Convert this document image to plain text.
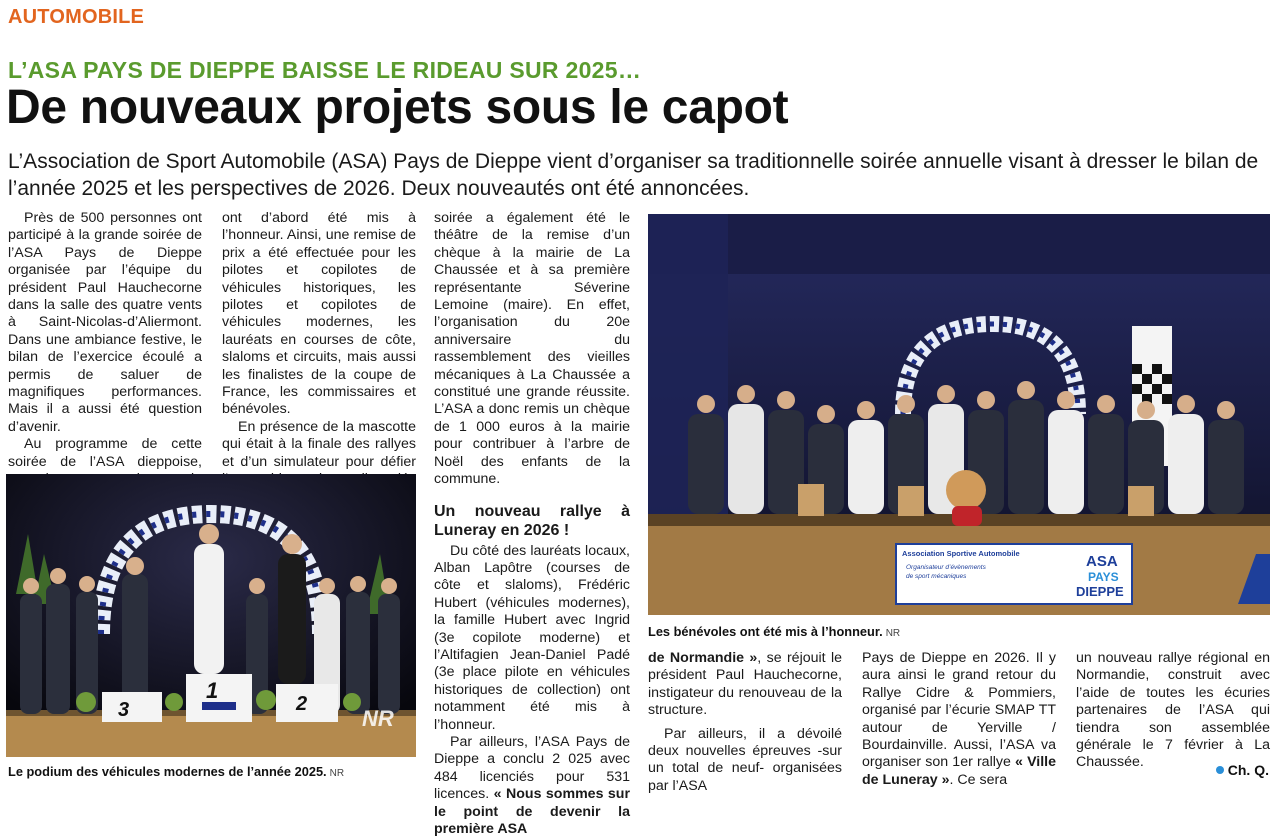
AUTOMOBILE
L’ASA PAYS DE DIEPPE BAISSE LE RIDEAU SUR 2025…
De nouveaux projets sous le capot
L’Association de Sport Automobile (ASA) Pays de Dieppe vient d’organiser sa traditionnelle soirée annuelle visant à dresser le bilan de l’année 2025 et les perspectives de 2026. Deux nouveautés ont été annoncées.

Près de 500 personnes ont participé à la grande soirée de l’ASA Pays de Dieppe organisée par l’équipe du président Paul Hauchecorne dans la salle des quatre vents à Saint-Nicolas-d’Aliermont. Dans une ambiance festive, le bilan de l’exercice écoulé a permis de saluer de magnifiques performances. Mais il a aussi été question d’avenir.

Au programme de cette soirée de l’ASA dieppoise,

ont d’abord été mis à l’honneur. Ainsi, une remise de prix a été effectuée pour les pilotes et copilotes de véhicules historiques, les pilotes et copilotes de véhicules modernes, les lauréats en courses de côte, slaloms et circuits, mais aussi les finalistes de la coupe de France, les commissaires et bénévoles.

En présence de la mascotte qui était à la finale des rallyes et d’un simulateur pour défier

soirée a également été le théâtre de la remise d’un chèque à la mairie de La Chaussée et à sa première représentante Séverine Lemoine (maire). En effet, l’organisation du 20e anniversaire du rassemblement des vieilles mécaniques à La Chaussée a constitué une grande réussite. L’ASA a donc remis un chèque de 1 000 euros à la mairie pour contribuer à l’arbre de Noël des enfants de la commune.

Un nouveau rallye à Luneray en 2026 !

Du côté des lauréats locaux, Alban Lapôtre (courses de côte et slaloms), Frédéric Hubert (véhicules modernes), la famille Hubert avec Ingrid (3e copilote moderne) et l’Altifagien Jean-Daniel Padé (3e place pilote en véhicules historiques de collection) ont notamment été mis à l’honneur.

Par ailleurs, l’ASA Pays de Dieppe a conclu 2 025 avec 484 licenciés pour 531 licences. « Nous sommes sur le point de devenir la première ASA

de Normandie », se réjouit le président Paul Hauchecorne, instigateur du renouveau de la structure.

Par ailleurs, il a dévoilé deux nouvelles épreuves -sur un total de neuf- organisées par l’ASA

Pays de Dieppe en 2026. Il y aura ainsi le grand retour du Rallye Cidre & Pommiers, organisé par l’écurie SMAP TT autour de Yerville / Bourdainville. Aussi, l’ASA va organiser son 1er rallye « Ville de Luneray ». Ce sera

un nouveau rallye régional en Normandie, construit avec l’aide de toutes les écuries partenaires de l’ASA qui tiendra son assemblée générale le 7 février à La Chaussée.

3
1
2
NR
Le podium des véhicules modernes de l’année 2025. NR
Association Sportive Automobile
Organisateur d’évènements
de sport mécaniques
ASA
PAYS
DIEPPE
Les bénévoles ont été mis à l’honneur. NR
Ch. Q.
